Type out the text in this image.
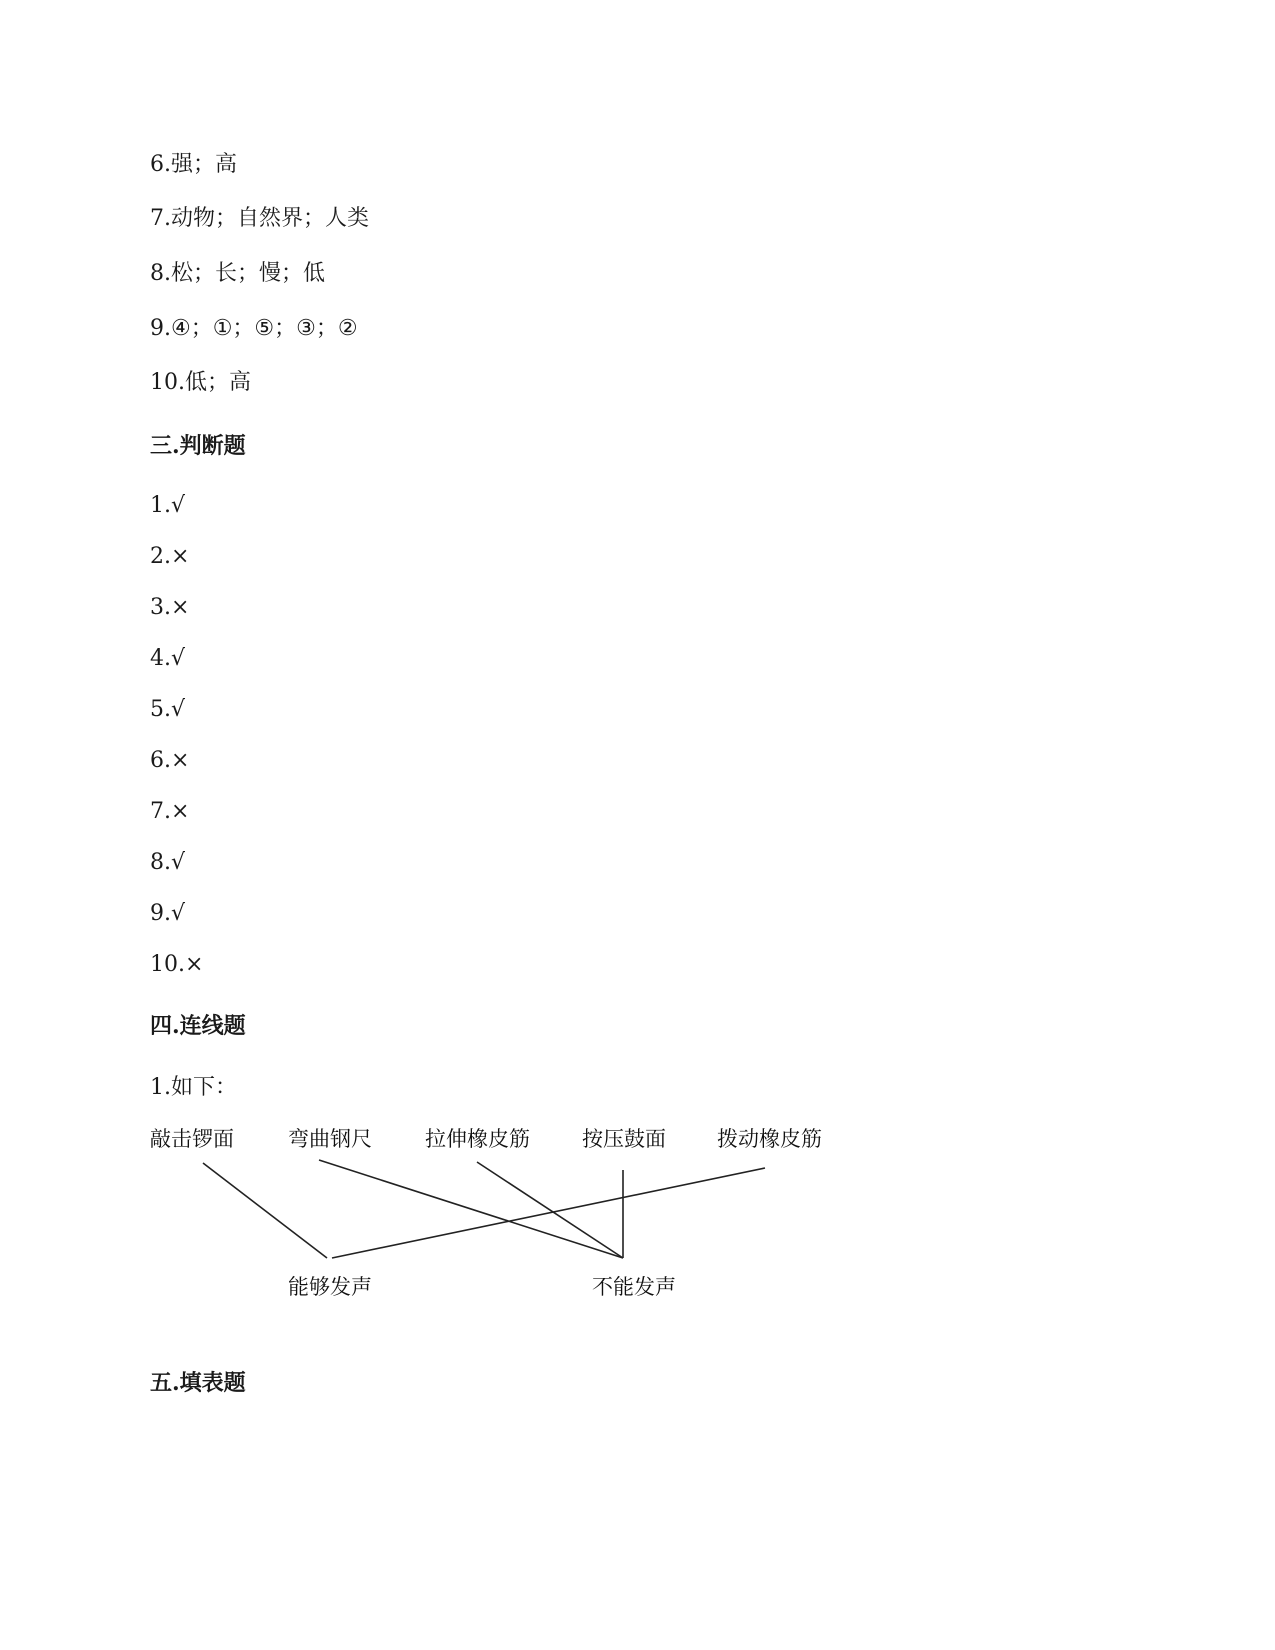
6.强；高
7.动物；自然界；人类
8.松；长；慢；低
9.④；①；⑤；③；②
10.低；高
三.判断题
1.√
2.×
3.×
4.√
5.√
6.×
7.×
8.√
9.√
10.×
四.连线题
1.如下：
敲击锣面	弯曲钢尺	拉伸橡皮筋 按压鼓面 拨动橡皮筋
能够发声	不能发声
五.填表题
